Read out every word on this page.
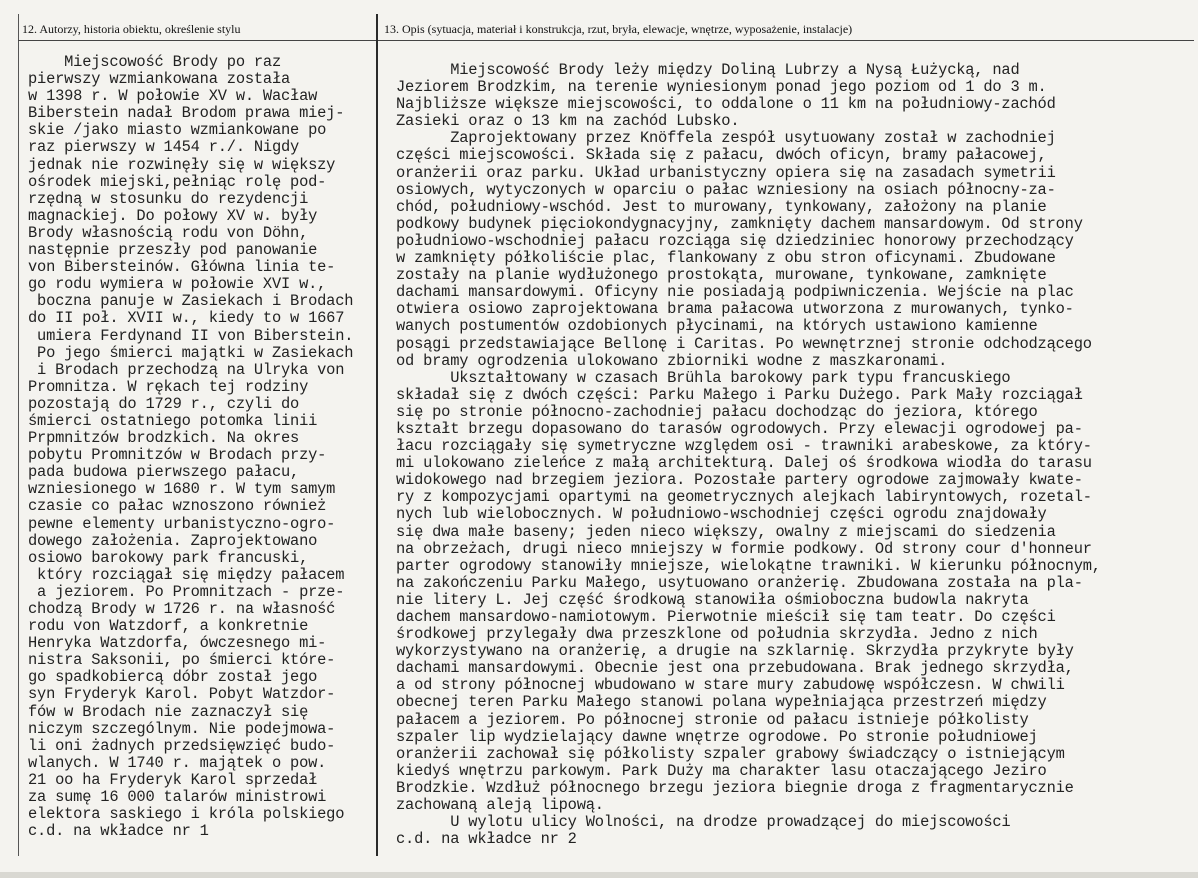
12. Autorzy, historia obiektu, określenie stylu	13. Opis (sytuacja, materiał i konstrukcja, rzut, bryła, elewacje, wnętrze, wyposażenie, instalacje)
Miejscowość Brody po raz
pierwszy wzmiankowana została
w 1398 r. W połowie XV w. Wacław
Biberstein nadał Brodom prawa miej-
skie /jako miasto wzmiankowane po
raz pierwszy w 1454 r./. Nigdy
jednak nie rozwinęły się w większy
ośrodek miejski,pełniąc rolę pod-
rzędną w stosunku do rezydencji
magnackiej. Do połowy XV w. były
Brody własnością rodu von Döhn,
następnie przeszły pod panowanie
von Bibersteinów. Główna linia te-
go rodu wymiera w połowie XVI w.,
boczna panuje w Zasiekach i Brodach
do II poł. XVII w., kiedy to w 1667
umiera Ferdynand II von Biberstein.
Po jego śmierci majątki w Zasiekach
i Brodach przechodzą na Ulryka von
Promnitza. W rękach tej rodziny
pozostają do 1729 r., czyli do
śmierci ostatniego potomka linii
Prpmnitzów brodzkich. Na okres
pobytu Promnitzów w Brodach przy-
pada budowa pierwszego pałacu,
wzniesionego w 1680 r. W tym samym
czasie co pałac wznoszono również
pewne elementy urbanistyczno-ogro-
dowego założenia. Zaprojektowano
osiowo barokowy park francuski,
który rozciągał się między pałacem
a jeziorem. Po Promnitzach - prze-
chodzą Brody w 1726 r. na własność
rodu von Watzdorf, a konkretnie
Henryka Watzdorfa, ówczesnego mi-
nistra Saksonii, po śmierci które-
go spadkobiercą dóbr został jego
syn Fryderyk Karol. Pobyt Watzdor-
fów w Brodach nie zaznaczył się
niczym szczególnym. Nie podejmowa-
li oni żadnych przedsięwzięć budo-
wlanych. W 1740 r. majątek o pow.
21 oo ha Fryderyk Karol sprzedał
za sumę 16 000 talarów ministrowi
elektora saskiego i króla polskiego
c.d. na wkładce nr 1
Miejscowość Brody leży między Doliną Lubrzy a Nysą Łużycką, nad
Jeziorem Brodzkim, na terenie wyniesionym ponad jego poziom od 1 do 3 m.
Najbliższe większe miejscowości, to oddalone o 11 km na południowy-zachód
Zasieki oraz o 13 km na zachód Lubsko.
Zaprojektowany przez Knöffela zespół usytuowany został w zachodniej
części miejscowości. Składa się z pałacu, dwóch oficyn, bramy pałacowej,
oranżerii oraz parku. Układ urbanistyczny opiera się na zasadach symetrii
osiowych, wytyczonych w oparciu o pałac wzniesiony na osiach północny-za-
chód, południowy-wschód. Jest to murowany, tynkowany, założony na planie
podkowy budynek pięciokondygnacyjny, zamknięty dachem mansardowym. Od strony
południowo-wschodniej pałacu rozciąga się dziedziniec honorowy przechodzący
w zamknięty półkoliście plac, flankowany z obu stron oficynami. Zbudowane
zostały na planie wydłużonego prostokąta, murowane, tynkowane, zamknięte
dachami mansardowymi. Oficyny nie posiadają podpiwniczenia. Wejście na plac
otwiera osiowo zaprojektowana brama pałacowa utworzona z murowanych, tynko-
wanych postumentów ozdobionych płycinami, na których ustawiono kamienne
posągi przedstawiające Bellonę i Caritas. Po wewnętrznej stronie odchodzącego
od bramy ogrodzenia ulokowano zbiorniki wodne z maszkaronami.
Ukształtowany w czasach Brühla barokowy park typu francuskiego
składał się z dwóch części: Parku Małego i Parku Dużego. Park Mały rozciągał
się po stronie północno-zachodniej pałacu dochodząc do jeziora, którego
kształt brzegu dopasowano do tarasów ogrodowych. Przy elewacji ogrodowej pa-
łacu rozciągały się symetryczne względem osi - trawniki arabeskowe, za który-
mi ulokowano zieleńce z małą architekturą. Dalej oś środkowa wiodła do tarasu
widokowego nad brzegiem jeziora. Pozostałe partery ogrodowe zajmowały kwate-
ry z kompozycjami opartymi na geometrycznych alejkach labiryntowych, rozetal-
nych lub wielobocznych. W południowo-wschodniej części ogrodu znajdowały
się dwa małe baseny; jeden nieco większy, owalny z miejscami do siedzenia
na obrzeżach, drugi nieco mniejszy w formie podkowy. Od strony cour d'honneur
parter ogrodowy stanowiły mniejsze, wielokątne trawniki. W kierunku północnym,
na zakończeniu Parku Małego, usytuowano oranżerię. Zbudowana została na pla-
nie litery L. Jej część środkową stanowiła ośmioboczna budowla nakryta
dachem mansardowo-namiotowym. Pierwotnie mieścił się tam teatr. Do części
środkowej przylegały dwa przeszklone od południa skrzydła. Jedno z nich
wykorzystywano na oranżerię, a drugie na szklarnię. Skrzydła przykryte były
dachami mansardowymi. Obecnie jest ona przebudowana. Brak jednego skrzydła,
a od strony północnej wbudowano w stare mury zabudowę współczesn. W chwili
obecnej teren Parku Małego stanowi polana wypełniająca przestrzeń między
pałacem a jeziorem. Po północnej stronie od pałacu istnieje półkolisty
szpaler lip wydzielający dawne wnętrze ogrodowe. Po stronie południowej
oranżerii zachował się półkolisty szpaler grabowy świadczący o istniejącym
kiedyś wnętrzu parkowym. Park Duży ma charakter lasu otaczającego Jeziro
Brodzkie. Wzdłuż północnego brzegu jeziora biegnie droga z fragmentarycznie
zachowaną aleją lipową.
U wylotu ulicy Wolności, na drodze prowadzącej do miejscowości
c.d. na wkładce nr 2
